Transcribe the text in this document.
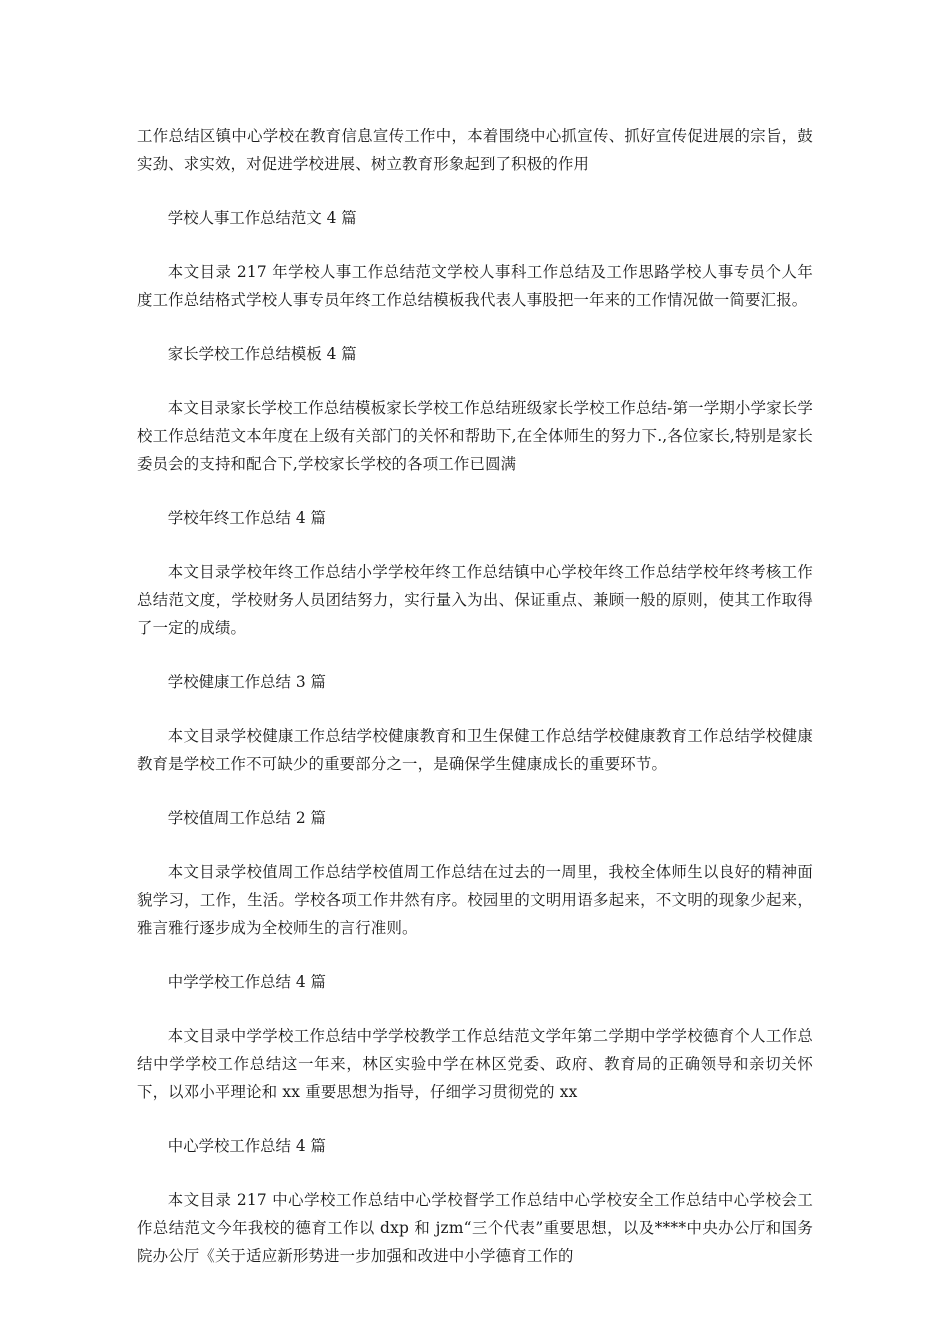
工作总结区镇中心学校在教育信息宣传工作中，本着围绕中心抓宣传、抓好宣传促进展的宗旨，鼓实劲、求实效，对促进学校进展、树立教育形象起到了积极的作用

学校人事工作总结范文 4 篇

本文目录 217 年学校人事工作总结范文学校人事科工作总结及工作思路学校人事专员个人年度工作总结格式学校人事专员年终工作总结模板我代表人事股把一年来的工作情况做一简要汇报。

家长学校工作总结模板 4 篇

本文目录家长学校工作总结模板家长学校工作总结班级家长学校工作总结-第一学期小学家长学校工作总结范文本年度在上级有关部门的关怀和帮助下,在全体师生的努力下.,各位家长,特别是家长委员会的支持和配合下,学校家长学校的各项工作已圆满

学校年终工作总结 4 篇

本文目录学校年终工作总结小学学校年终工作总结镇中心学校年终工作总结学校年终考核工作总结范文度，学校财务人员团结努力，实行量入为出、保证重点、兼顾一般的原则，使其工作取得了一定的成绩。

学校健康工作总结 3 篇

本文目录学校健康工作总结学校健康教育和卫生保健工作总结学校健康教育工作总结学校健康教育是学校工作不可缺少的重要部分之一，是确保学生健康成长的重要环节。

学校值周工作总结 2 篇

本文目录学校值周工作总结学校值周工作总结在过去的一周里，我校全体师生以良好的精神面貌学习，工作，生活。学校各项工作井然有序。校园里的文明用语多起来，不文明的现象少起来，雅言雅行逐步成为全校师生的言行准则。

中学学校工作总结 4 篇

本文目录中学学校工作总结中学学校教学工作总结范文学年第二学期中学学校德育个人工作总结中学学校工作总结这一年来，林区实验中学在林区党委、政府、教育局的正确领导和亲切关怀下，以邓小平理论和 xx 重要思想为指导，仔细学习贯彻党的 xx

中心学校工作总结 4 篇

本文目录 217 中心学校工作总结中心学校督学工作总结中心学校安全工作总结中心学校会工作总结范文今年我校的德育工作以 dxp 和 jzm“三个代表”重要思想，以及****中央办公厅和国务院办公厅《关于适应新形势进一步加强和改进中小学德育工作的
